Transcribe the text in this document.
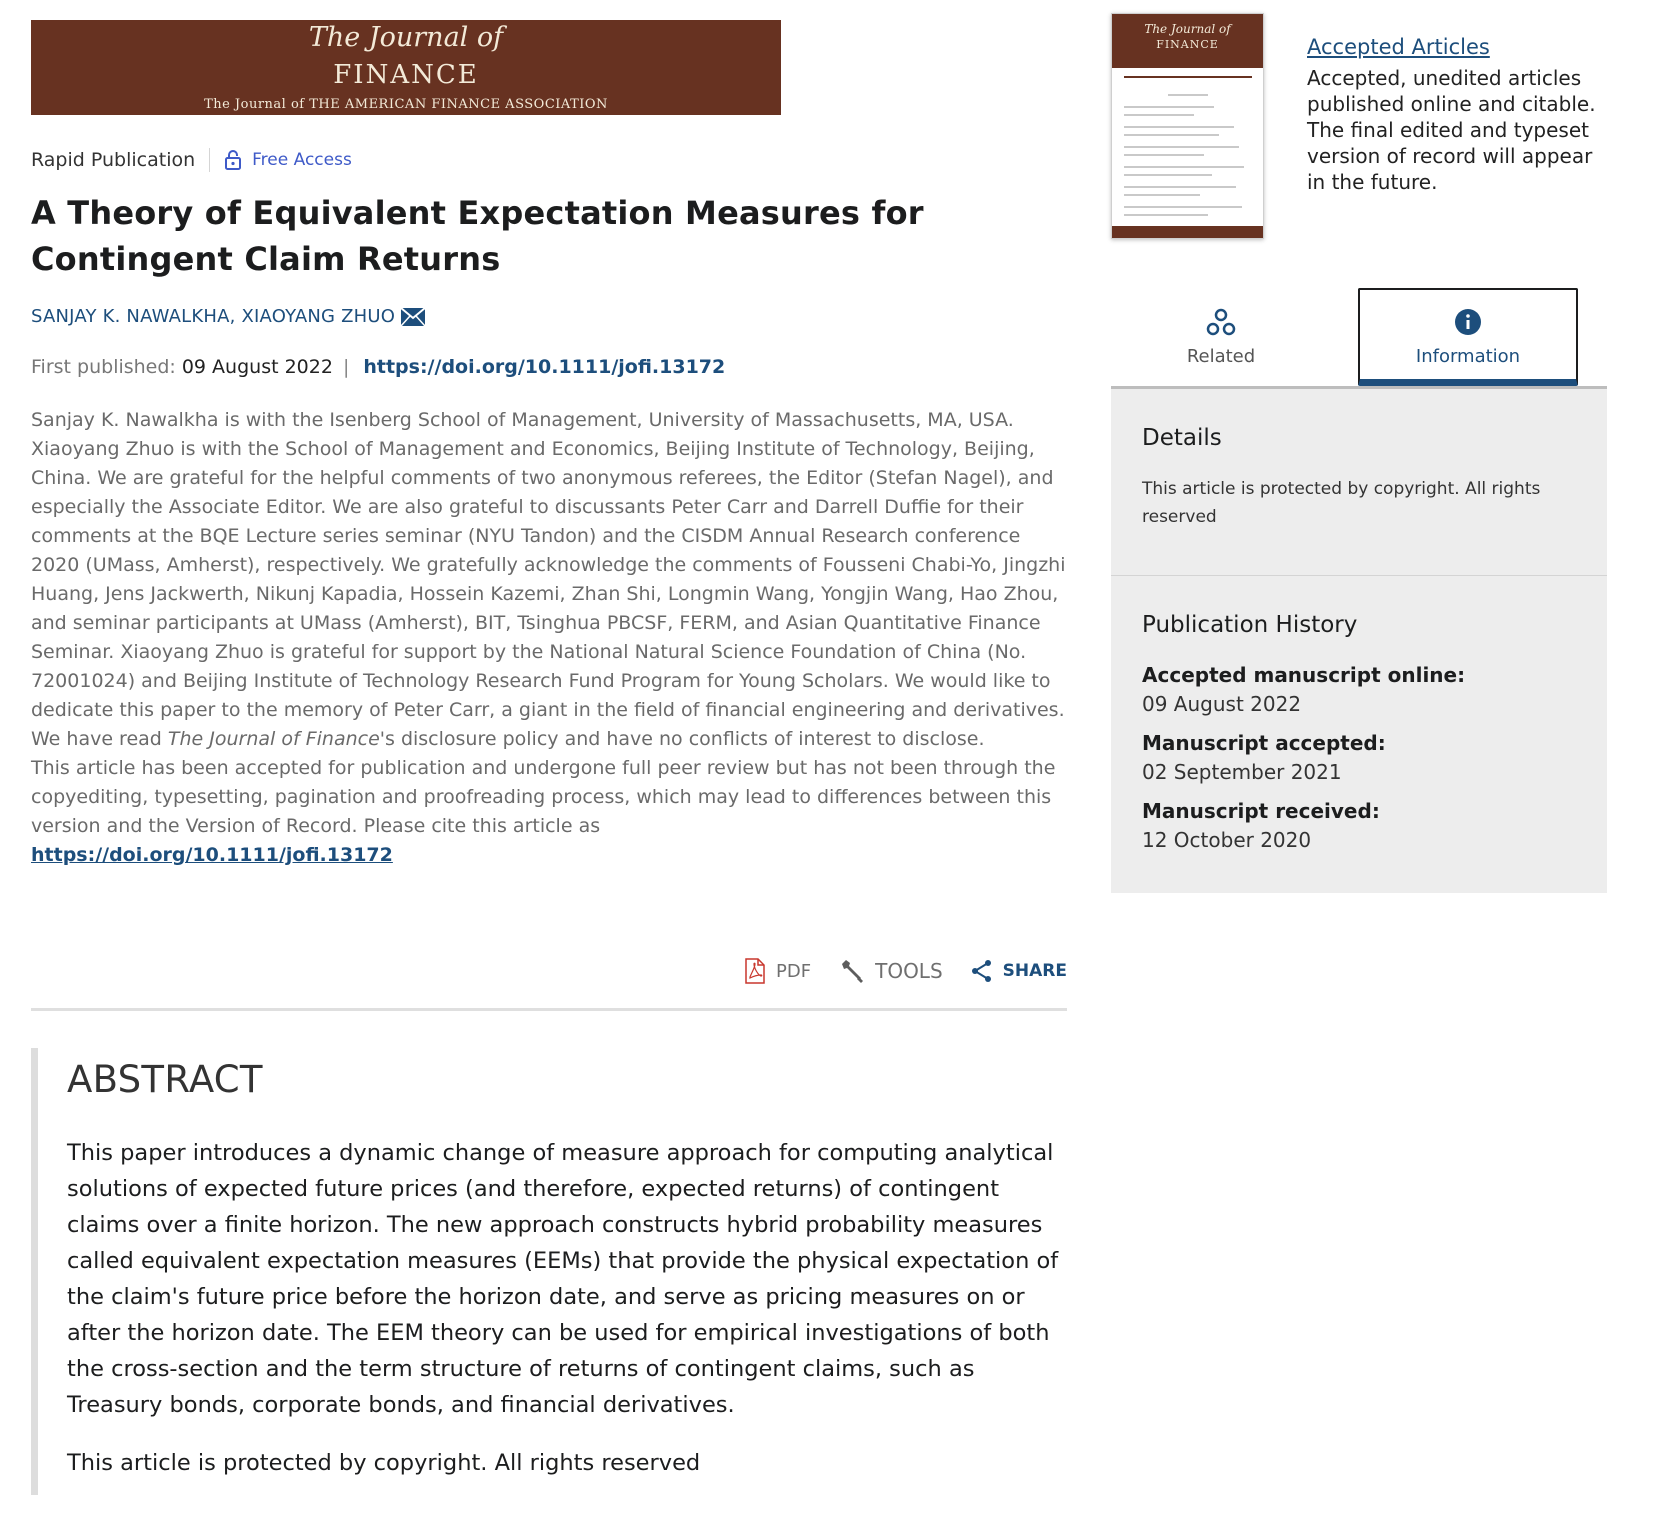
The Journal of
FINANCE
The Journal of THE AMERICAN FINANCE ASSOCIATION
Rapid Publication	Free Access
A Theory of Equivalent Expectation Measures for Contingent Claim Returns
SANJAY K. NAWALKHA, XIAOYANG ZHUO
First published: 09 August 2022 | https://doi.org/10.1111/jofi.13172
Sanjay K. Nawalkha is with the Isenberg School of Management, University of Massachusetts, MA, USA. Xiaoyang Zhuo is with the School of Management and Economics, Beijing Institute of Technology, Beijing, China. We are grateful for the helpful comments of two anonymous referees, the Editor (Stefan Nagel), and especially the Associate Editor. We are also grateful to discussants Peter Carr and Darrell Duffie for their comments at the BQE Lecture series seminar (NYU Tandon) and the CISDM Annual Research conference 2020 (UMass, Amherst), respectively. We gratefully acknowledge the comments of Fousseni Chabi-Yo, Jingzhi Huang, Jens Jackwerth, Nikunj Kapadia, Hossein Kazemi, Zhan Shi, Longmin Wang, Yongjin Wang, Hao Zhou, and seminar participants at UMass (Amherst), BIT, Tsinghua PBCSF, FERM, and Asian Quantitative Finance Seminar. Xiaoyang Zhuo is grateful for support by the National Natural Science Foundation of China (No. 72001024) and Beijing Institute of Technology Research Fund Program for Young Scholars. We would like to dedicate this paper to the memory of Peter Carr, a giant in the field of financial engineering and derivatives. We have read The Journal of Finance's disclosure policy and have no conflicts of interest to disclose.
This article has been accepted for publication and undergone full peer review but has not been through the copyediting, typesetting, pagination and proofreading process, which may lead to differences between this version and the Version of Record. Please cite this article as
https://doi.org/10.1111/jofi.13172
PDF	TOOLS	SHARE
ABSTRACT

This paper introduces a dynamic change of measure approach for computing analytical solutions of expected future prices (and therefore, expected returns) of contingent claims over a finite horizon. The new approach constructs hybrid probability measures called equivalent expectation measures (EEMs) that provide the physical expectation of the claim's future price before the horizon date, and serve as pricing measures on or after the horizon date. The EEM theory can be used for empirical investigations of both the cross-section and the term structure of returns of contingent claims, such as Treasury bonds, corporate bonds, and financial derivatives.

This article is protected by copyright. All rights reserved

The Journal of
FINANCE	Accepted Articles

Accepted, unedited articles published online and citable. The final edited and typeset version of record will appear in the future.

Related	Information
Details

This article is protected by copyright. All rights reserved

Publication History
Accepted manuscript online:
09 August 2022
Manuscript accepted:
02 September 2021
Manuscript received:
12 October 2020
